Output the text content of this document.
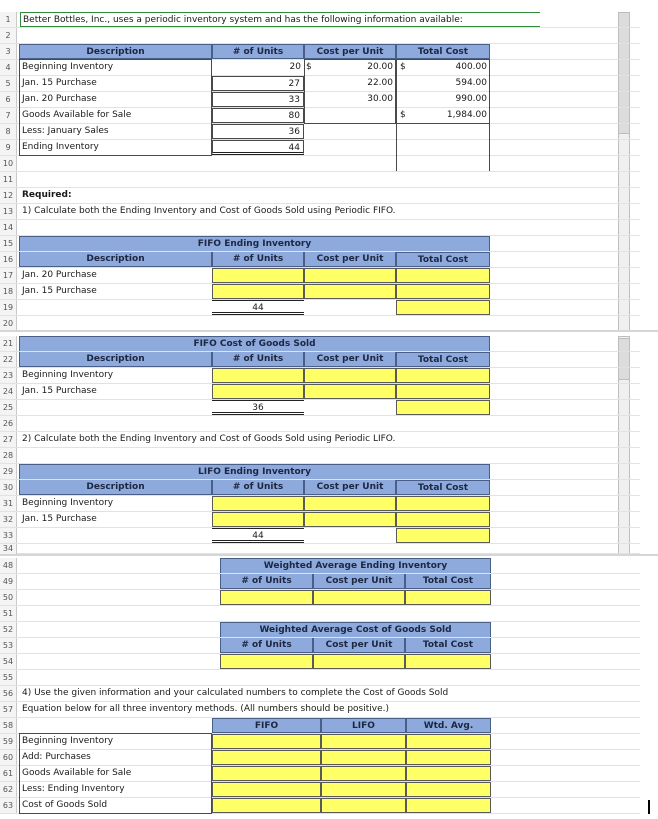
1	Better Bottles, Inc., uses a periodic inventory system and has the following information available:
2
3	Description	# of Units	Cost per Unit	Total Cost
4	Beginning Inventory	20 $	20.00 $	400.00
5	Jan. 15 Purchase	27	22.00	594.00
6	Jan. 20 Purchase	33	30.00	990.00
7	Goods Available for Sale	80	$	1,984.00
8	Less: January Sales	36
9	Ending Inventory	44
10
11
12 Required:
13 1) Calculate both the Ending Inventory and Cost of Goods Sold using Periodic FIFO.
14
15	FIFO Ending Inventory
16	Description	# of Units	Cost per Unit	Total Cost
17 Jan. 20 Purchase
18 Jan. 15 Purchase
19	44
20
21	FIFO Cost of Goods Sold
22	Description	# of Units	Cost per Unit	Total Cost
23 Beginning Inventory
24 Jan. 15 Purchase
25	36
26
27 2) Calculate both the Ending Inventory and Cost of Goods Sold using Periodic LIFO.
28
29	LIFO Ending Inventory
30	Description	# of Units	Cost per Unit	Total Cost
31 Beginning Inventory
32 Jan. 15 Purchase
33	44
34
48	Weighted Average Ending Inventory
49	# of Units	Cost per Unit	Total Cost
50
51
52	Weighted Average Cost of Goods Sold
53	# of Units	Cost per Unit	Total Cost
54
55
56 4) Use the given information and your calculated numbers to complete the Cost of Goods Sold
57 Equation below for all three inventory methods. (All numbers should be positive.)
58	FIFO	LIFO	Wtd. Avg.
59 Beginning Inventory
60 Add: Purchases
61 Goods Available for Sale
62 Less: Ending Inventory
63 Cost of Goods Sold
